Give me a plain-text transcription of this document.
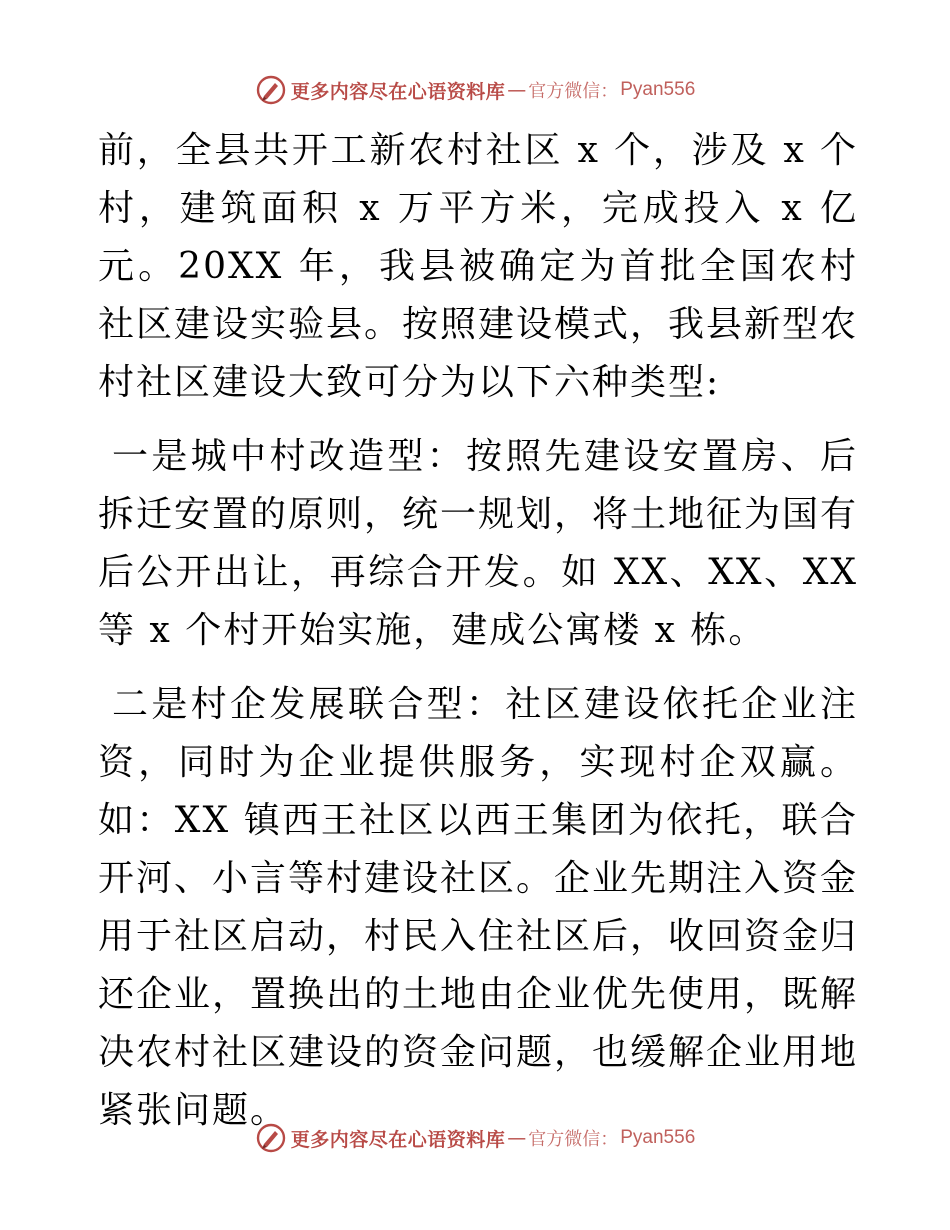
更多内容尽在心语资料库 — 官方微信： Pyan556

前，全县共开工新农村社区 x 个，涉及 x 个村，建筑面积 x 万平方米，完成投入 x 亿元。20XX 年，我县被确定为首批全国农村社区建设实验县。按照建设模式，我县新型农村社区建设大致可分为以下六种类型:

一是城中村改造型：按照先建设安置房、后拆迁安置的原则，统一规划，将土地征为国有后公开出让，再综合开发。如 XX、XX、XX 等 x 个村开始实施，建成公寓楼 x 栋。

二是村企发展联合型：社区建设依托企业注资，同时为企业提供服务，实现村企双赢。如：XX 镇西王社区以西王集团为依托，联合开河、小言等村建设社区。企业先期注入资金用于社区启动，村民入住社区后，收回资金归还企业，置换出的土地由企业优先使用，既解决农村社区建设的资金问题，也缓解企业用地紧张问题。

更多内容尽在心语资料库 — 官方微信： Pyan556
